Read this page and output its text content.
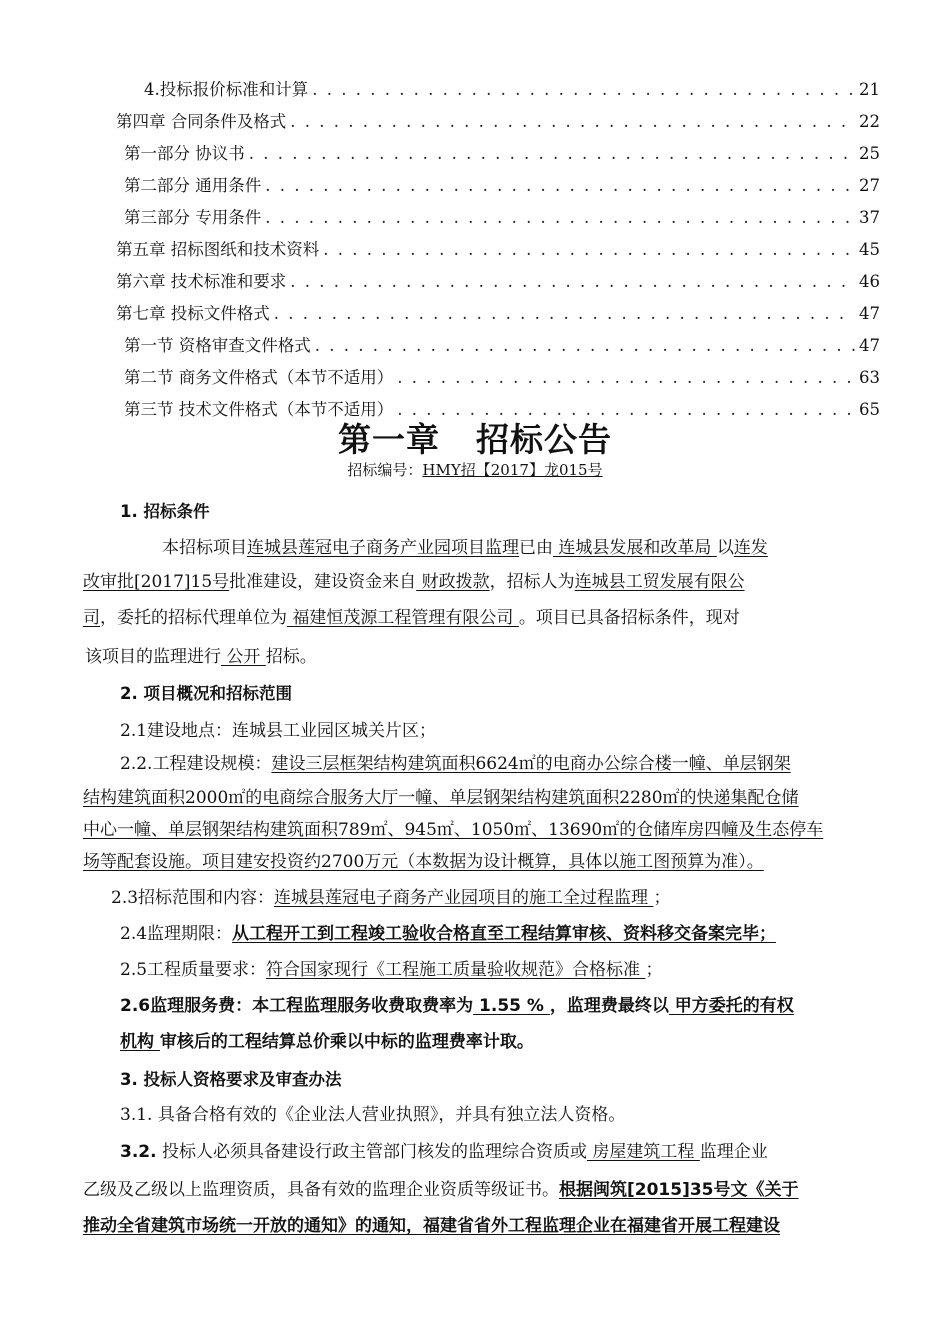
4.投标报价标准和计算 . . .	21
第四章 合同条件及格式 . . .	22
第一部分 协议书 . . .	25
第二部分 通用条件 . . .	27
第三部分 专用条件 . . .	37
第五章 招标图纸和技术资料 . . .	45
第六章 技术标准和要求 . . .	46
第七章 投标文件格式 . . .	47
第一节 资格审查文件格式 . . .	47
第二节 商务文件格式（本节不适用） . . .	63
第三节 技术文件格式（本节不适用） . . .	65
第一章 招标公告
招标编号：HMY招【2017】龙015号
1. 招标条件
本招标项目连城县莲冠电子商务产业园项目监理已由 连城县发展和改革局 以连发
改审批[2017]15号批准建设，建设资金来自 财政拨款，招标人为连城县工贸发展有限公
司，委托的招标代理单位为 福建恒茂源工程管理有限公司 。项目已具备招标条件，现对
该项目的监理进行 公开 招标。
2. 项目概况和招标范围
2.1建设地点：连城县工业园区城关片区；
2.2.工程建设规模：建设三层框架结构建筑面积6624㎡的电商办公综合楼一幢、单层钢架
结构建筑面积2000㎡的电商综合服务大厅一幢、单层钢架结构建筑面积2280㎡的快递集配仓储
中心一幢、单层钢架结构建筑面积789㎡、945㎡、1050㎡、13690㎡的仓储库房四幢及生态停车
场等配套设施。项目建安投资约2700万元（本数据为设计概算，具体以施工图预算为准）。
2.3招标范围和内容：连城县莲冠电子商务产业园项目的施工全过程监理 ；
2.4监理期限：从工程开工到工程竣工验收合格直至工程结算审核、资料移交备案完毕；
2.5工程质量要求：符合国家现行《工程施工质量验收规范》合格标准 ；
2.6监理服务费：本工程监理服务收费取费率为 1.55 % ，监理费最终以 甲方委托的有权
机构 审核后的工程结算总价乘以中标的监理费率计取。
3. 投标人资格要求及审查办法
3.1. 具备合格有效的《企业法人营业执照》，并具有独立法人资格。
3.2. 投标人必须具备建设行政主管部门核发的监理综合资质或 房屋建筑工程 监理企业
乙级及乙级以上监理资质，具备有效的监理企业资质等级证书。根据闽筑[2015]35号文《关于
推动全省建筑市场统一开放的通知》的通知，福建省省外工程监理企业在福建省开展工程建设
